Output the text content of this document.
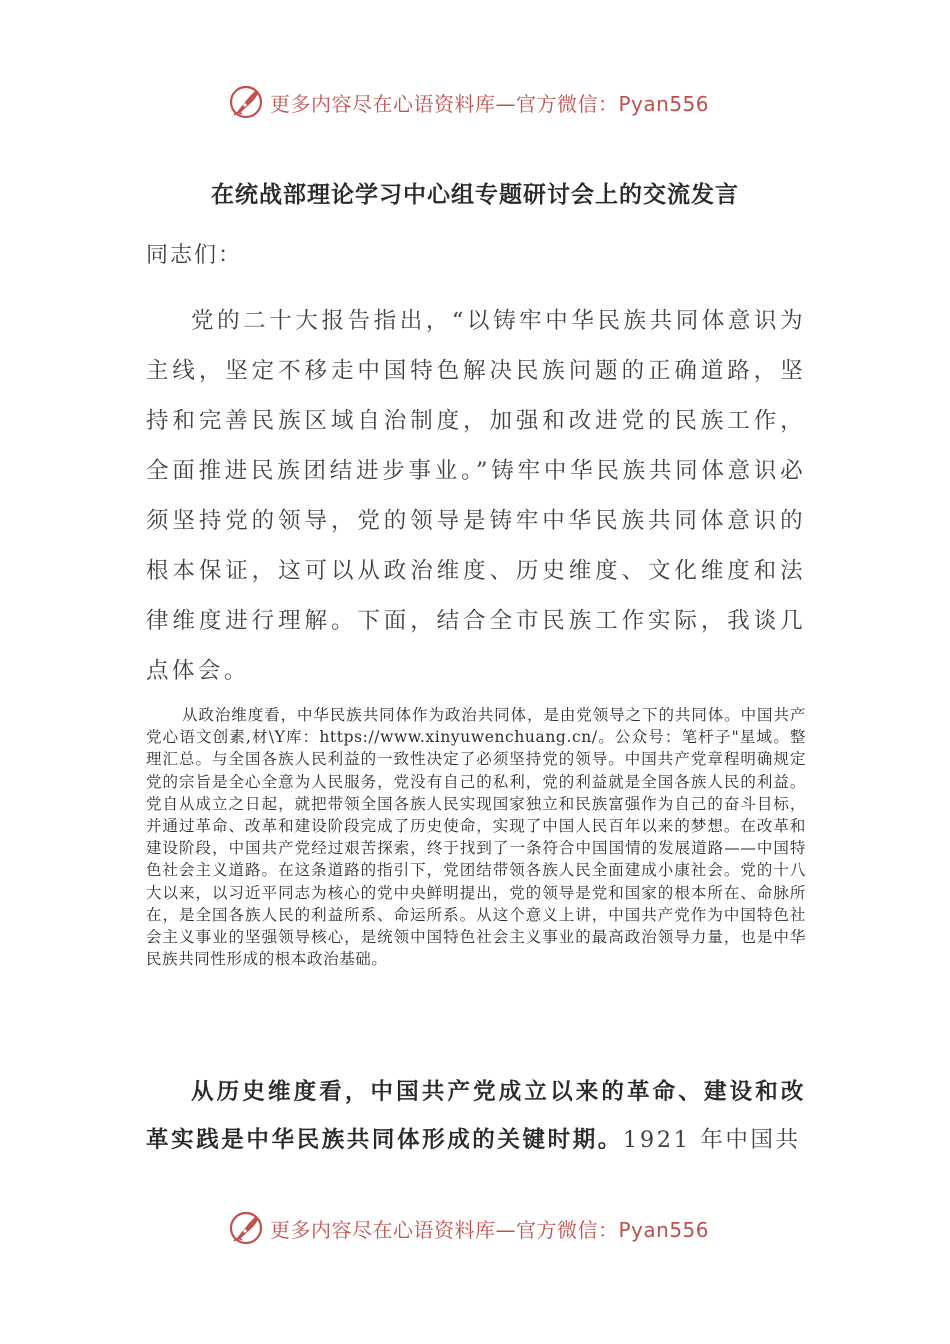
更多内容尽在心语资料库—官方微信：Pyan556
在统战部理论学习中心组专题研讨会上的交流发言
同志们：

党的二十大报告指出，“以铸牢中华民族共同体意识为主线，坚定不移走中国特色解决民族问题的正确道路，坚持和完善民族区域自治制度，加强和改进党的民族工作，全面推进民族团结进步事业。”铸牢中华民族共同体意识必须坚持党的领导，党的领导是铸牢中华民族共同体意识的根本保证，这可以从政治维度、历史维度、文化维度和法律维度进行理解。下面，结合全市民族工作实际，我谈几点体会。

从政治维度看，中华民族共同体作为政治共同体，是由党领导之下的共同体。中国共产党心语文创素,材\Y库：https://www.xinyuwenchuang.cn/。公众号：笔杆子"星域。整理汇总。与全国各族人民利益的一致性决定了必须坚持党的领导。中国共产党章程明确规定党的宗旨是全心全意为人民服务，党没有自己的私利，党的利益就是全国各族人民的利益。党自从成立之日起，就把带领全国各族人民实现国家独立和民族富强作为自己的奋斗目标，并通过革命、改革和建设阶段完成了历史使命，实现了中国人民百年以来的梦想。在改革和建设阶段，中国共产党经过艰苦探索，终于找到了一条符合中国国情的发展道路——中国特色社会主义道路。在这条道路的指引下，党团结带领各族人民全面建成小康社会。党的十八大以来，以习近平同志为核心的党中央鲜明提出，党的领导是党和国家的根本所在、命脉所在，是全国各族人民的利益所系、命运所系。从这个意义上讲，中国共产党作为中国特色社会主义事业的坚强领导核心，是统领中国特色社会主义事业的最高政治领导力量，也是中华民族共同性形成的根本政治基础。

从历史维度看，中国共产党成立以来的革命、建设和改革实践是中华民族共同体形成的关键时期。1921 年中国共

更多内容尽在心语资料库—官方微信：Pyan556
